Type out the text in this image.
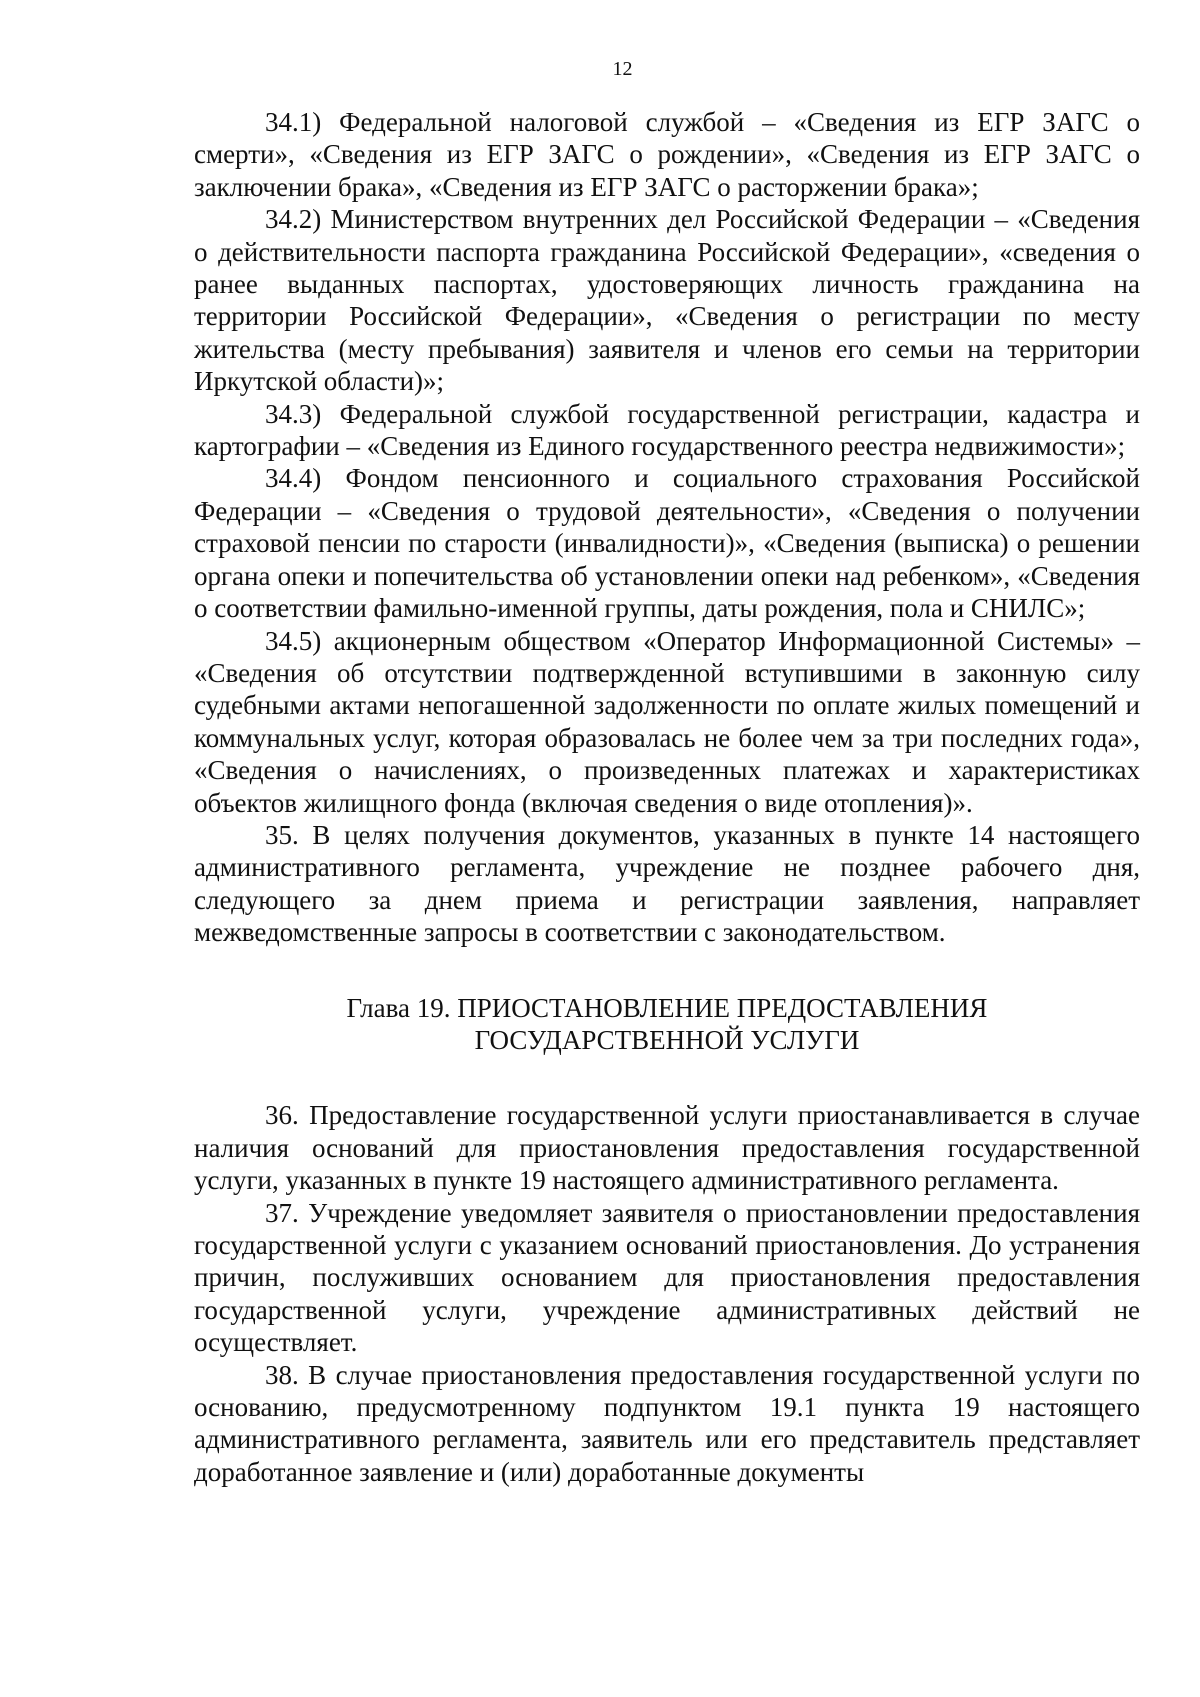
12

34.1) Федеральной налоговой службой – «Сведения из ЕГР ЗАГС о смерти», «Сведения из ЕГР ЗАГС о рождении», «Сведения из ЕГР ЗАГС о заключении брака», «Сведения из ЕГР ЗАГС о расторжении брака»;

34.2) Министерством внутренних дел Российской Федерации – «Сведения о действительности паспорта гражданина Российской Федерации», «сведения о ранее выданных паспортах, удостоверяющих личность гражданина на территории Российской Федерации», «Сведения о регистрации по месту жительства (месту пребывания) заявителя и членов его семьи на территории Иркутской области)»;

34.3) Федеральной службой государственной регистрации, кадастра и картографии – «Сведения из Единого государственного реестра недвижимости»;

34.4) Фондом пенсионного и социального страхования Российской Федерации – «Сведения о трудовой деятельности», «Сведения о получении страховой пенсии по старости (инвалидности)», «Сведения (выписка) о решении органа опеки и попечительства об установлении опеки над ребенком», «Сведения о соответствии фамильно-именной группы, даты рождения, пола и СНИЛС»;

34.5) акционерным обществом «Оператор Информационной Системы» – «Сведения об отсутствии подтвержденной вступившими в законную силу судебными актами непогашенной задолженности по оплате жилых помещений и коммунальных услуг, которая образовалась не более чем за три последних года», «Сведения о начислениях, о произведенных платежах и характеристиках объектов жилищного фонда (включая сведения о виде отопления)».

35. В целях получения документов, указанных в пункте 14 настоящего административного регламента, учреждение не позднее рабочего дня, следующего за днем приема и регистрации заявления, направляет межведомственные запросы в соответствии с законодательством.

Глава 19. ПРИОСТАНОВЛЕНИЕ ПРЕДОСТАВЛЕНИЯ
ГОСУДАРСТВЕННОЙ УСЛУГИ

36. Предоставление государственной услуги приостанавливается в случае наличия оснований для приостановления предоставления государственной услуги, указанных в пункте 19 настоящего административного регламента.

37. Учреждение уведомляет заявителя о приостановлении предоставления государственной услуги с указанием оснований приостановления. До устранения причин, послуживших основанием для приостановления предоставления государственной услуги, учреждение административных действий не осуществляет.

38. В случае приостановления предоставления государственной услуги по основанию, предусмотренному подпунктом 19.1 пункта 19 настоящего административного регламента, заявитель или его представитель представляет доработанное заявление и (или) доработанные документы
